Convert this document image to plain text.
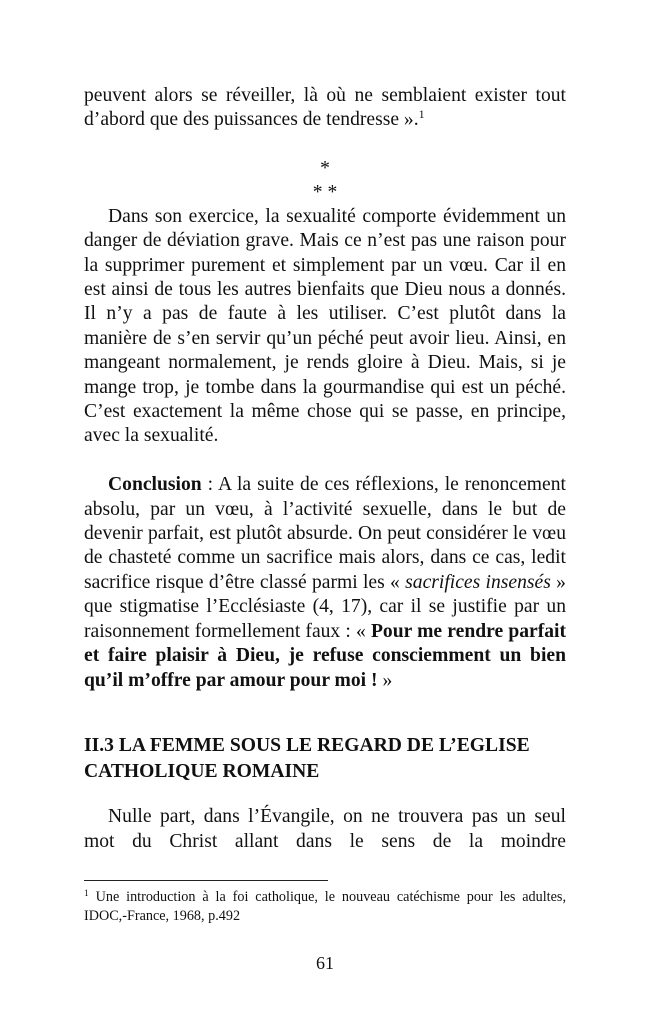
peuvent alors se réveiller, là où ne semblaient exister tout d’abord que des puissances de tendresse ».$^1$

*

* *

Dans son exercice, la sexualité comporte évidemment un danger de déviation grave. Mais ce n’est pas une raison pour la supprimer purement et simplement par un vœu. Car il en est ainsi de tous les autres bienfaits que Dieu nous a donnés. Il n’y a pas de faute à les utiliser. C’est plutôt dans la manière de s’en servir qu’un péché peut avoir lieu. Ainsi, en mangeant normalement, je rends gloire à Dieu. Mais, si je mange trop, je tombe dans la gourmandise qui est un péché. C’est exactement la même chose qui se passe, en principe, avec la sexualité.

Conclusion : A la suite de ces réflexions, le renoncement absolu, par un vœu, à l’activité sexuelle, dans le but de devenir parfait, est plutôt absurde. On peut considérer le vœu de chasteté comme un sacrifice mais alors, dans ce cas, ledit sacrifice risque d’être classé parmi les « sacrifices insensés » que stigmatise l’Ecclésiaste (4, 17), car il se justifie par un raisonnement formellement faux : « Pour me rendre parfait et faire plaisir à Dieu, je refuse consciemment un bien qu’il m’offre par amour pour moi ! »

II.3 LA FEMME SOUS LE REGARD DE L’EGLISE

CATHOLIQUE ROMAINE

Nulle part, dans l’Évangile, on ne trouvera pas un seul mot du Christ allant dans le sens de la moindre

$^1$ Une introduction à la foi catholique, le nouveau catéchisme pour les adultes, IDOC,-France, 1968, p.492

61
